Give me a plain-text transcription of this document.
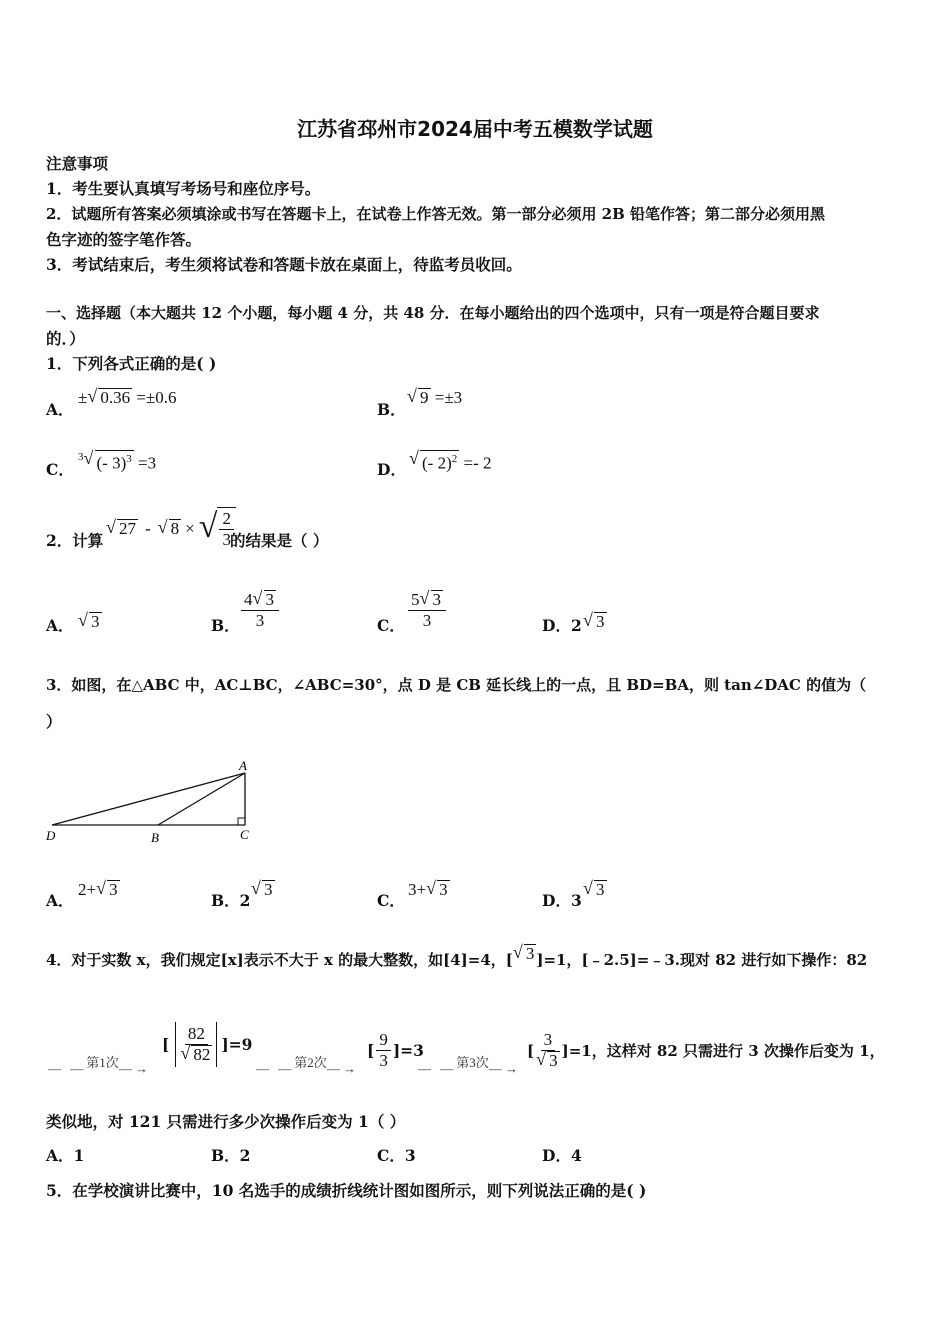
江苏省邳州市2024届中考五模数学试题
注意事项
1．考生要认真填写考场号和座位序号。
2．试题所有答案必须填涂或书写在答题卡上，在试卷上作答无效。第一部分必须用 2B 铅笔作答；第二部分必须用黑
色字迹的签字笔作答。
3．考试结束后，考生须将试卷和答题卡放在桌面上，待监考员收回。
一、选择题（本大题共 12 个小题，每小题 4 分，共 48 分．在每小题给出的四个选项中，只有一项是符合题目要求
的．）
1．下列各式正确的是( )
A．
± √ 0.36 =±0.6
B．
√ 9 =±3
C．
$^3$ √ (- 3)$^3$ =3	D． √ (- 2)$^2$ =- 2
2．计算
√ 27 -	√ 8 × √ $\frac{2}{3}$
的结果是（ ）
A．	√ 3	B． $\frac{4 √ 3}{3}$	C． $\frac{5 √ 3}{3}$	D．2 √ 3
3．如图，在△ABC 中，AC⊥BC，∠ABC=30°，点 D 是 CB 延长线上的一点，且 BD=BA，则 tan∠DAC 的值为（
）
A
D	B	C
A．
2+ √ 3
B．2
√ 3
C．
3+ √ 3
D．3
√ 3
4．对于实数 x，我们规定[x]表示不大于 x 的最大整数，如[4]=4，[ √ 3 ]=1，[﹣2.5]=﹣3.现对 82 进行如下操作：82
— —第1次— →
[ 82
√ 82 ]=9
— —第2次— →
[ $\frac{9}{3} ]=3$
— —第3次— →
[ 3
√ 3 ]=1，这样对 82 只需进行 3 次操作后变为 1，
类似地，对 121 只需进行多少次操作后变为 1（ ）
A．1	B．2	C．3	D．4
5．在学校演讲比赛中，10 名选手的成绩折线统计图如图所示，则下列说法正确的是( )
